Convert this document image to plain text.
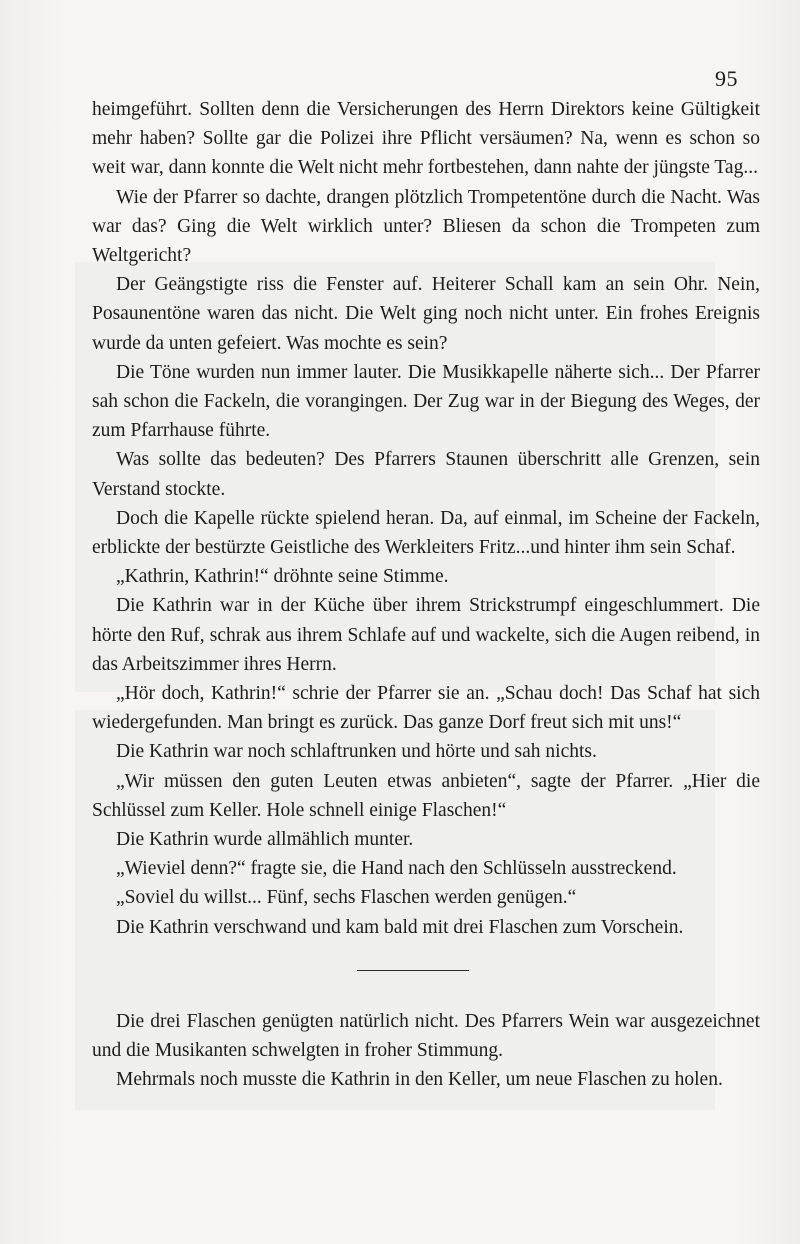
95

heimgeführt. Sollten denn die Versicherungen des Herrn Direktors keine Gültigkeit mehr haben? Sollte gar die Polizei ihre Pflicht versäumen? Na, wenn es schon so weit war, dann konnte die Welt nicht mehr fortbestehen, dann nahte der jüngste Tag...

Wie der Pfarrer so dachte, drangen plötzlich Trompetentöne durch die Nacht. Was war das? Ging die Welt wirklich unter? Bliesen da schon die Trompeten zum Weltgericht?

Der Geängstigte riss die Fenster auf. Heiterer Schall kam an sein Ohr. Nein, Posaunentöne waren das nicht. Die Welt ging noch nicht unter. Ein frohes Ereignis wurde da unten gefeiert. Was mochte es sein?

Die Töne wurden nun immer lauter. Die Musikkapelle näherte sich... Der Pfarrer sah schon die Fackeln, die vorangingen. Der Zug war in der Biegung des Weges, der zum Pfarrhause führte.

Was sollte das bedeuten? Des Pfarrers Staunen überschritt alle Grenzen, sein Verstand stockte.

Doch die Kapelle rückte spielend heran. Da, auf einmal, im Scheine der Fackeln, erblickte der bestürzte Geistliche des Werkleiters Fritz...und hinter ihm sein Schaf.

„Kathrin, Kathrin!“ dröhnte seine Stimme.

Die Kathrin war in der Küche über ihrem Strickstrumpf eingeschlummert. Die hörte den Ruf, schrak aus ihrem Schlafe auf und wackelte, sich die Augen reibend, in das Arbeitszimmer ihres Herrn.

„Hör doch, Kathrin!“ schrie der Pfarrer sie an. „Schau doch! Das Schaf hat sich wiedergefunden. Man bringt es zurück. Das ganze Dorf freut sich mit uns!“

Die Kathrin war noch schlaftrunken und hörte und sah nichts.

„Wir müssen den guten Leuten etwas anbieten“, sagte der Pfarrer. „Hier die Schlüssel zum Keller. Hole schnell einige Flaschen!“

Die Kathrin wurde allmählich munter.

„Wieviel denn?“ fragte sie, die Hand nach den Schlüsseln ausstreckend.

„Soviel du willst... Fünf, sechs Flaschen werden genügen.“

Die Kathrin verschwand und kam bald mit drei Flaschen zum Vorschein.

Die drei Flaschen genügten natürlich nicht. Des Pfarrers Wein war ausgezeichnet und die Musikanten schwelgten in froher Stimmung.

Mehrmals noch musste die Kathrin in den Keller, um neue Flaschen zu holen.
